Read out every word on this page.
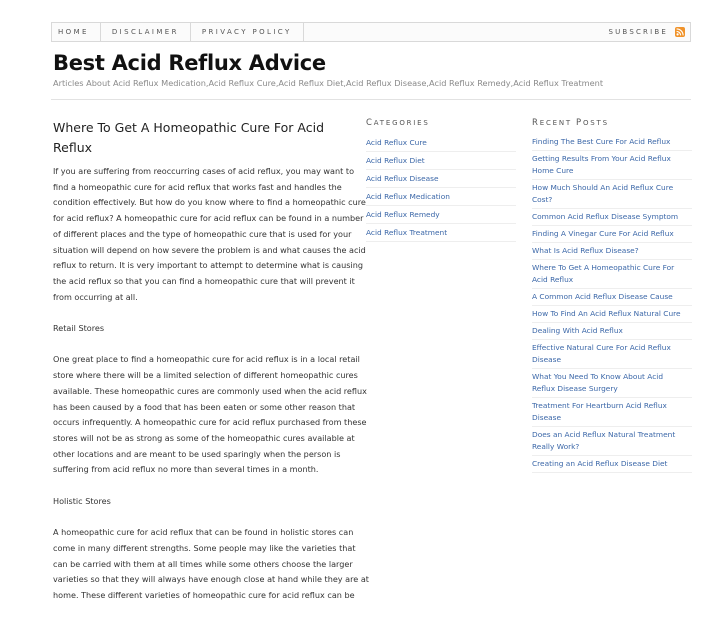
HOME	DISCLAIMER	PRIVACY POLICY	SUBSCRIBE
Best Acid Reflux Advice
Articles About Acid Reflux Medication,Acid Reflux Cure,Acid Reflux Diet,Acid Reflux Disease,Acid Reflux Remedy,Acid Reflux Treatment
Where To Get A Homeopathic Cure For Acid Reflux

If you are suffering from reoccurring cases of acid reflux, you may want to
find a homeopathic cure for acid reflux that works fast and handles the
condition effectively. But how do you know where to find a homeopathic cure
for acid reflux? A homeopathic cure for acid reflux can be found in a number
of different places and the type of homeopathic cure that is used for your
situation will depend on how severe the problem is and what causes the acid
reflux to return. It is very important to attempt to determine what is causing
the acid reflux so that you can find a homeopathic cure that will prevent it
from occurring at all.

Retail Stores

One great place to find a homeopathic cure for acid reflux is in a local retail
store where there will be a limited selection of different homeopathic cures
available. These homeopathic cures are commonly used when the acid reflux
has been caused by a food that has been eaten or some other reason that
occurs infrequently. A homeopathic cure for acid reflux purchased from these
stores will not be as strong as some of the homeopathic cures available at
other locations and are meant to be used sparingly when the person is
suffering from acid reflux no more than several times in a month.

Holistic Stores

A homeopathic cure for acid reflux that can be found in holistic stores can
come in many different strengths. Some people may like the varieties that
can be carried with them at all times while some others choose the larger
varieties so that they will always have enough close at hand while they are at
home. These different varieties of homeopathic cure for acid reflux can be

CATEGORIES
Acid Reflux Cure
Acid Reflux Diet
Acid Reflux Disease
Acid Reflux Medication
Acid Reflux Remedy
Acid Reflux Treatment
RECENT POSTS
Finding The Best Cure For Acid Reflux
Getting Results From Your Acid Reflux
Home Cure
How Much Should An Acid Reflux Cure
Cost?
Common Acid Reflux Disease Symptom
Finding A Vinegar Cure For Acid Reflux
What Is Acid Reflux Disease?
Where To Get A Homeopathic Cure For
Acid Reflux
A Common Acid Reflux Disease Cause
How To Find An Acid Reflux Natural Cure
Dealing With Acid Reflux
Effective Natural Cure For Acid Reflux
Disease
What You Need To Know About Acid
Reflux Disease Surgery
Treatment For Heartburn Acid Reflux
Disease
Does an Acid Reflux Natural Treatment
Really Work?
Creating an Acid Reflux Disease Diet
